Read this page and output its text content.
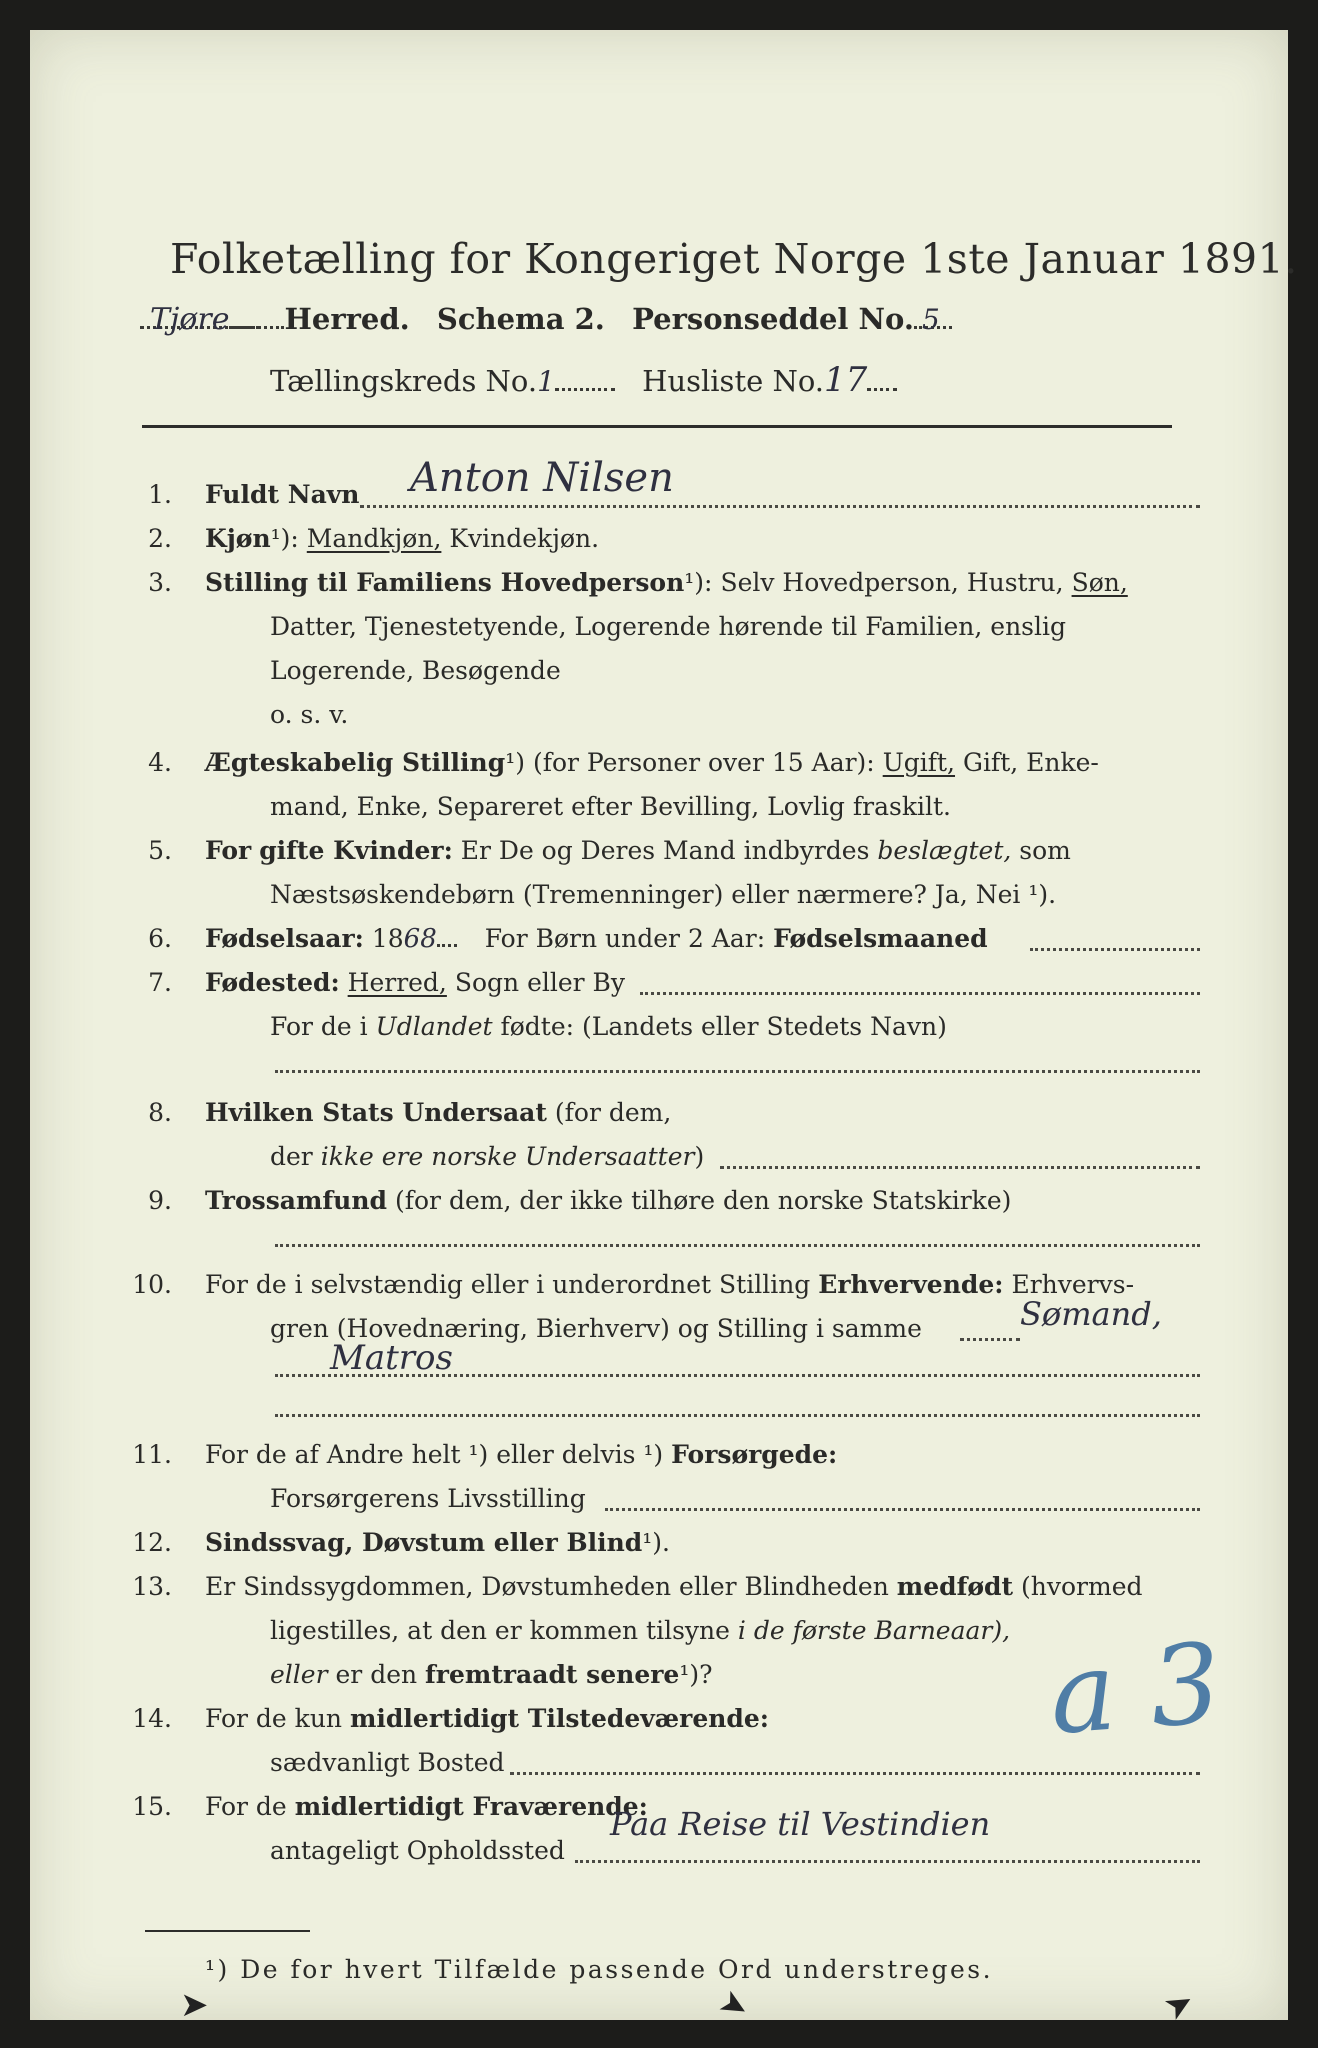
Folketælling for Kongeriget Norge 1ste Januar 1891.
Tjøre Herred. Schema 2. Personseddel No. 5
Tællingskreds No.1	Husliste No.17
1. Fuldt Navn Anton Nilsen
2. Kjøn¹): Mandkjøn, Kvindekjøn.
3. Stilling til Familiens Hovedperson¹): Selv Hovedperson, Hustru, Søn,
Datter, Tjenestetyende, Logerende hørende til Familien, enslig
Logerende, Besøgende
o. s. v.
4. Ægteskabelig Stilling¹) (for Personer over 15 Aar): Ugift, Gift, Enke-
mand, Enke, Separeret efter Bevilling, Lovlig fraskilt.
5. For gifte Kvinder: Er De og Deres Mand indbyrdes beslægtet, som
Næstsøskendebørn (Tremenninger) eller nærmere? Ja, Nei ¹).
6. Fødselsaar: 1868 For Børn under 2 Aar: Fødselsmaaned
7. Fødested: Herred, Sogn eller By
For de i Udlandet fødte: (Landets eller Stedets Navn)
8. Hvilken Stats Undersaat (for dem,
der ikke ere norske Undersaatter)
9. Trossamfund (for dem, der ikke tilhøre den norske Statskirke)
10. For de i selvstændig eller i underordnet Stilling Erhvervende: Erhvervs-
gren (Hovednæring, Bierhverv) og Stilling i samme	Sømand,
Matros
11. For de af Andre helt ¹) eller delvis ¹) Forsørgede:
Forsørgerens Livsstilling
12. Sindssvag, Døvstum eller Blind¹).
13. Er Sindssygdommen, Døvstumheden eller Blindheden medfødt (hvormed
ligestilles, at den er kommen tilsyne i de første Barneaar),
eller er den fremtraadt senere¹)?	a 3
14. For de kun midlertidigt Tilstedeværende:
sædvanligt Bosted
15. For de midlertidigt Fraværende:
antageligt Opholdssted
Paa Reise til Vestindien
¹) De for hvert Tilfælde passende Ord understreges.
➤	➤	➤
